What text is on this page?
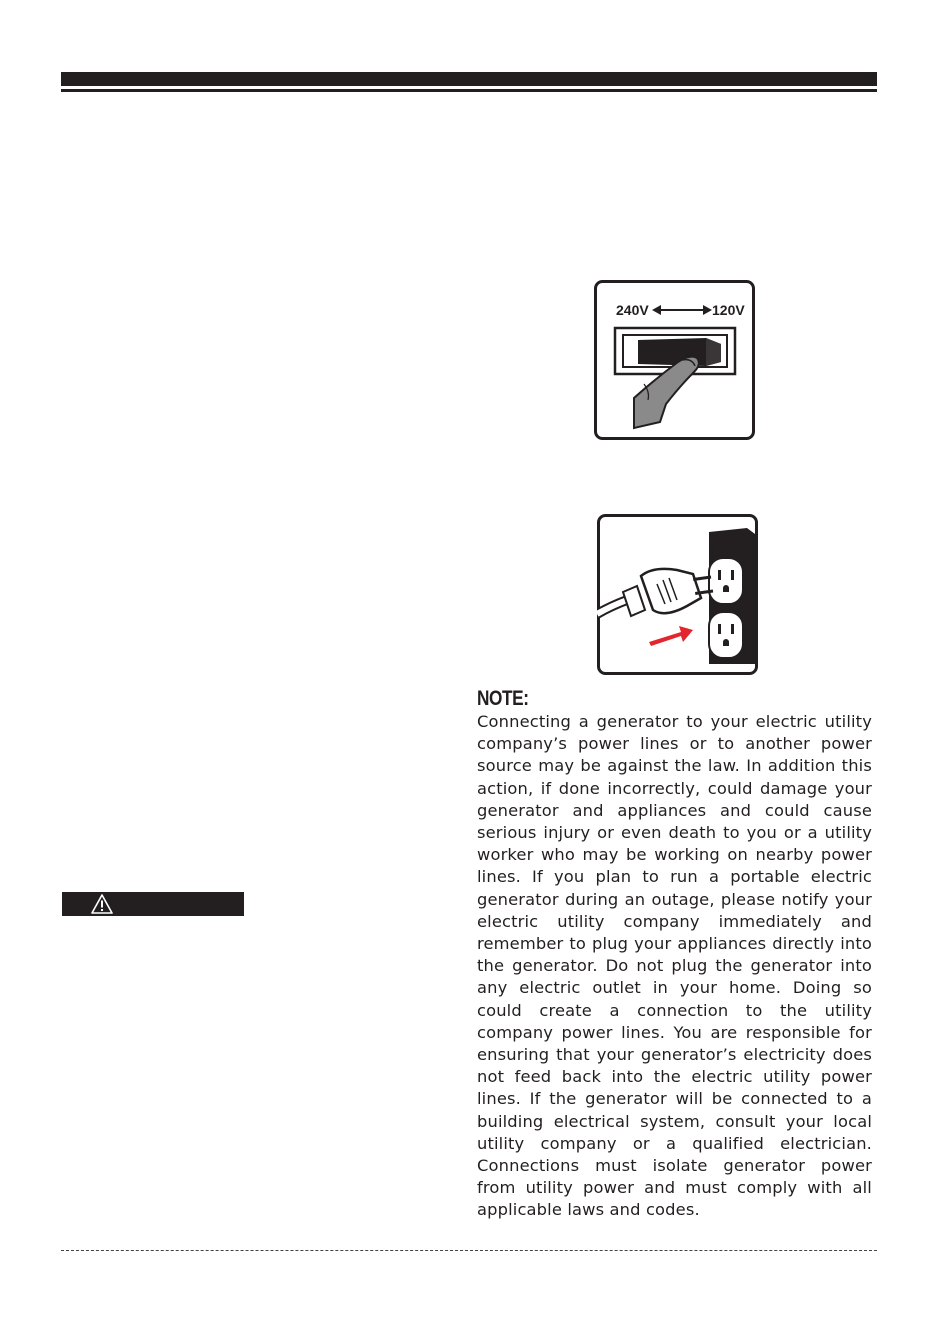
240V	120V
NOTE:

Connecting a generator to your electric utility company’s power lines or to another power source may be against the law. In addition this action, if done incorrectly, could damage your generator and appliances and could cause serious injury or even death to you or a utility worker who may be working on nearby power lines. If you plan to run a portable electric generator during an outage, please notify your electric utility company immediately and remember to plug your appliances directly into the generator. Do not plug the generator into any electric outlet in your home. Doing so could create a connection to the utility company power lines. You are responsible for ensuring that your generator’s electricity does not feed back into the electric utility power lines. If the generator will be connected to a building electrical system, consult your local utility company or a qualified electrician. Connections must isolate generator power from utility power and must comply with all applicable laws and codes.
